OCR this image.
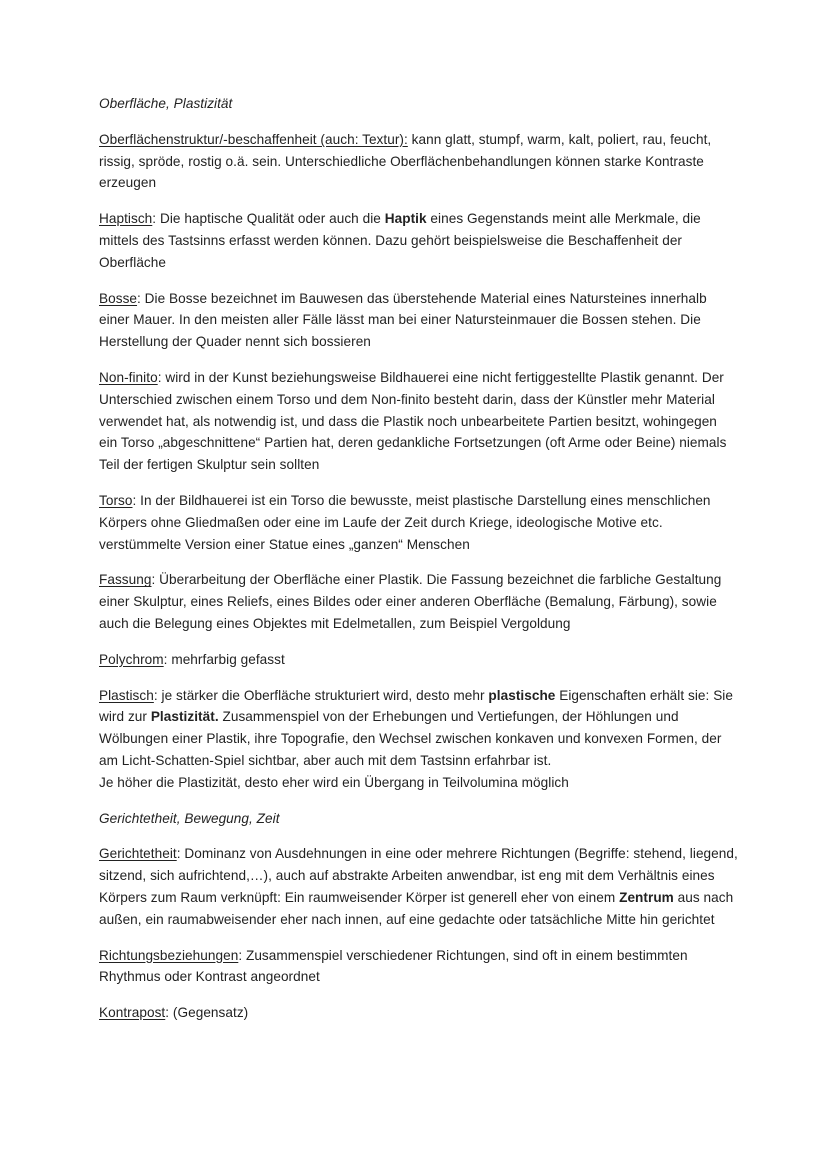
Oberfläche, Plastizität

Oberflächenstruktur/-beschaffenheit (auch: Textur): kann glatt, stumpf, warm, kalt, poliert, rau, feucht, rissig, spröde, rostig o.ä. sein. Unterschiedliche Oberflächenbehandlungen können starke Kontraste erzeugen

Haptisch: Die haptische Qualität oder auch die Haptik eines Gegenstands meint alle Merkmale, die mittels des Tastsinns erfasst werden können. Dazu gehört beispielsweise die Beschaffenheit der Oberfläche

Bosse: Die Bosse bezeichnet im Bauwesen das überstehende Material eines Natursteines innerhalb einer Mauer. In den meisten aller Fälle lässt man bei einer Natursteinmauer die Bossen stehen. Die Herstellung der Quader nennt sich bossieren

Non-finito: wird in der Kunst beziehungsweise Bildhauerei eine nicht fertiggestellte Plastik genannt. Der Unterschied zwischen einem Torso und dem Non-finito besteht darin, dass der Künstler mehr Material verwendet hat, als notwendig ist, und dass die Plastik noch unbearbeitete Partien besitzt, wohingegen ein Torso „abgeschnittene“ Partien hat, deren gedankliche Fortsetzungen (oft Arme oder Beine) niemals Teil der fertigen Skulptur sein sollten

Torso: In der Bildhauerei ist ein Torso die bewusste, meist plastische Darstellung eines menschlichen Körpers ohne Gliedmaßen oder eine im Laufe der Zeit durch Kriege, ideologische Motive etc. verstümmelte Version einer Statue eines „ganzen“ Menschen

Fassung: Überarbeitung der Oberfläche einer Plastik. Die Fassung bezeichnet die farbliche Gestaltung einer Skulptur, eines Reliefs, eines Bildes oder einer anderen Oberfläche (Bemalung, Färbung), sowie auch die Belegung eines Objektes mit Edelmetallen, zum Beispiel Vergoldung

Polychrom: mehrfarbig gefasst

Plastisch: je stärker die Oberfläche strukturiert wird, desto mehr plastische Eigenschaften erhält sie: Sie wird zur Plastizität. Zusammenspiel von der Erhebungen und Vertiefungen, der Höhlungen und Wölbungen einer Plastik, ihre Topografie, den Wechsel zwischen konkaven und konvexen Formen, der am Licht-Schatten-Spiel sichtbar, aber auch mit dem Tastsinn erfahrbar ist.
Je höher die Plastizität, desto eher wird ein Übergang in Teilvolumina möglich

Gerichtetheit, Bewegung, Zeit

Gerichtetheit: Dominanz von Ausdehnungen in eine oder mehrere Richtungen (Begriffe: stehend, liegend, sitzend, sich aufrichtend,…), auch auf abstrakte Arbeiten anwendbar, ist eng mit dem Verhältnis eines Körpers zum Raum verknüpft: Ein raumweisender Körper ist generell eher von einem Zentrum aus nach außen, ein raumabweisender eher nach innen, auf eine gedachte oder tatsächliche Mitte hin gerichtet

Richtungsbeziehungen: Zusammenspiel verschiedener Richtungen, sind oft in einem bestimmten Rhythmus oder Kontrast angeordnet

Kontrapost: (Gegensatz)
